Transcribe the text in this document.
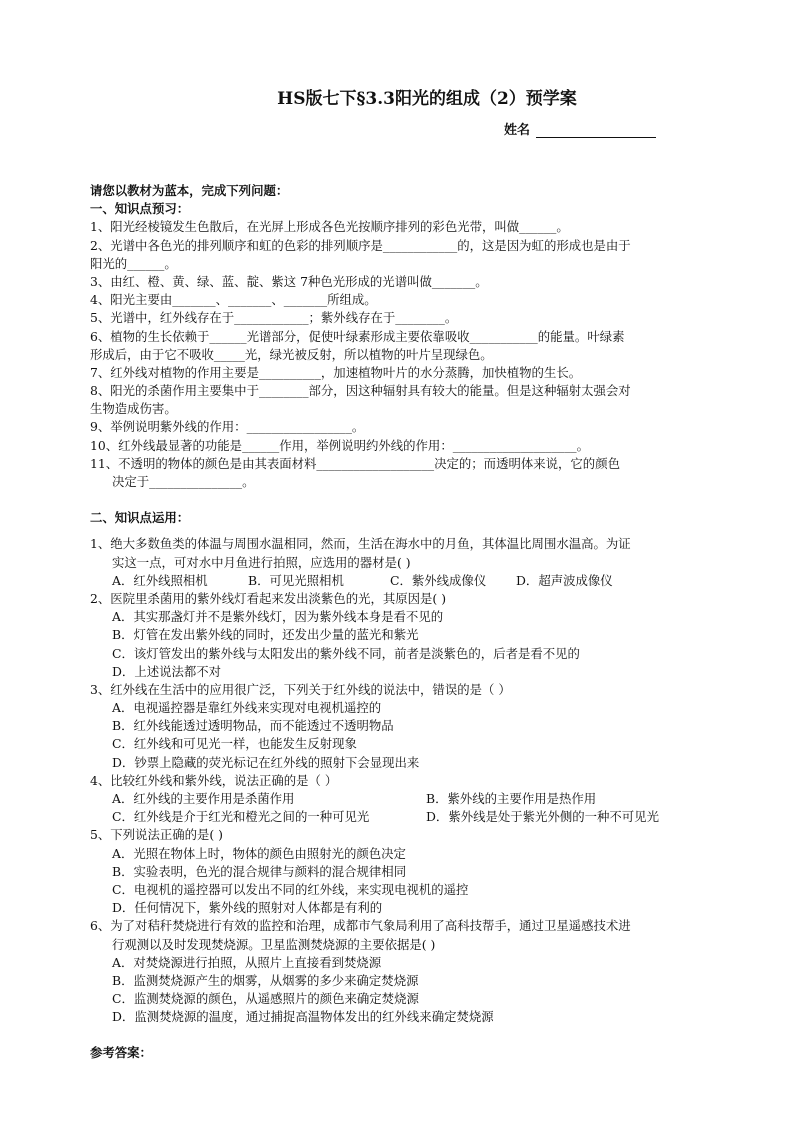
HS版七下§3.3阳光的组成（2）预学案
姓名
请您以教材为蓝本，完成下列问题：
一、知识点预习：
1、阳光经棱镜发生色散后，在光屏上形成各色光按顺序排列的彩色光带，叫做______。
2、光谱中各色光的排列顺序和虹的色彩的排列顺序是____________的，这是因为虹的形成也是由于
阳光的______。
3、由红、橙、黄、绿、蓝、靛、紫这 7种色光形成的光谱叫做_______。
4、阳光主要由_______、_______、_______所组成。
5、光谱中，红外线存在于____________；紫外线存在于________。
6、植物的生长依赖于______光谱部分，促使叶绿素形成主要依靠吸收___________的能量。叶绿素
形成后，由于它不吸收_____光，绿光被反射，所以植物的叶片呈现绿色。
7、红外线对植物的作用主要是__________，加速植物叶片的水分蒸腾，加快植物的生长。
8、阳光的杀菌作用主要集中于________部分，因这种辐射具有较大的能量。但是这种辐射太强会对
生物造成伤害。
9、举例说明紫外线的作用：_________________。
10、红外线最显著的功能是______作用，举例说明约外线的作用：____________________。
11、不透明的物体的颜色是由其表面材料___________________决定的；而透明体来说，它的颜色
决定于_______________。
二、知识点运用：
1、绝大多数鱼类的体温与周围水温相同，然而，生活在海水中的月鱼，其体温比周围水温高。为证
实这一点，可对水中月鱼进行拍照，应选用的器材是( )
A．红外线照相机	B．可见光照相机	C．紫外线成像仪	D．超声波成像仪
2、医院里杀菌用的紫外线灯看起来发出淡紫色的光，其原因是( )
A．其实那盏灯并不是紫外线灯，因为紫外线本身是看不见的
B．灯管在发出紫外线的同时，还发出少量的蓝光和紫光
C．该灯管发出的紫外线与太阳发出的紫外线不同，前者是淡紫色的，后者是看不见的
D．上述说法都不对
3、红外线在生活中的应用很广泛，下列关于红外线的说法中，错误的是（ ）
A．电视遥控器是靠红外线来实现对电视机遥控的
B．红外线能透过透明物品，而不能透过不透明物品
C．红外线和可见光一样，也能发生反射现象
D．钞票上隐藏的荧光标记在红外线的照射下会显现出来
4、比较红外线和紫外线，说法正确的是（ ）
A．红外线的主要作用是杀菌作用	B．紫外线的主要作用是热作用
C．红外线是介于红光和橙光之间的一种可见光	D．紫外线是处于紫光外侧的一种不可见光
5、下列说法正确的是( )
A．光照在物体上时，物体的颜色由照射光的颜色决定
B．实验表明，色光的混合规律与颜料的混合规律相同
C．电视机的遥控器可以发出不同的红外线，来实现电视机的遥控
D．任何情况下，紫外线的照射对人体都是有利的
6、为了对秸秆焚烧进行有效的监控和治理，成都市气象局利用了高科技帮手，通过卫星遥感技术进
行观测以及时发现焚烧源。卫星监测焚烧源的主要依据是( )
A．对焚烧源进行拍照，从照片上直接看到焚烧源
B．监测焚烧源产生的烟雾，从烟雾的多少来确定焚烧源
C．监测焚烧源的颜色，从遥感照片的颜色来确定焚烧源
D．监测焚烧源的温度，通过捕捉高温物体发出的红外线来确定焚烧源
参考答案：
